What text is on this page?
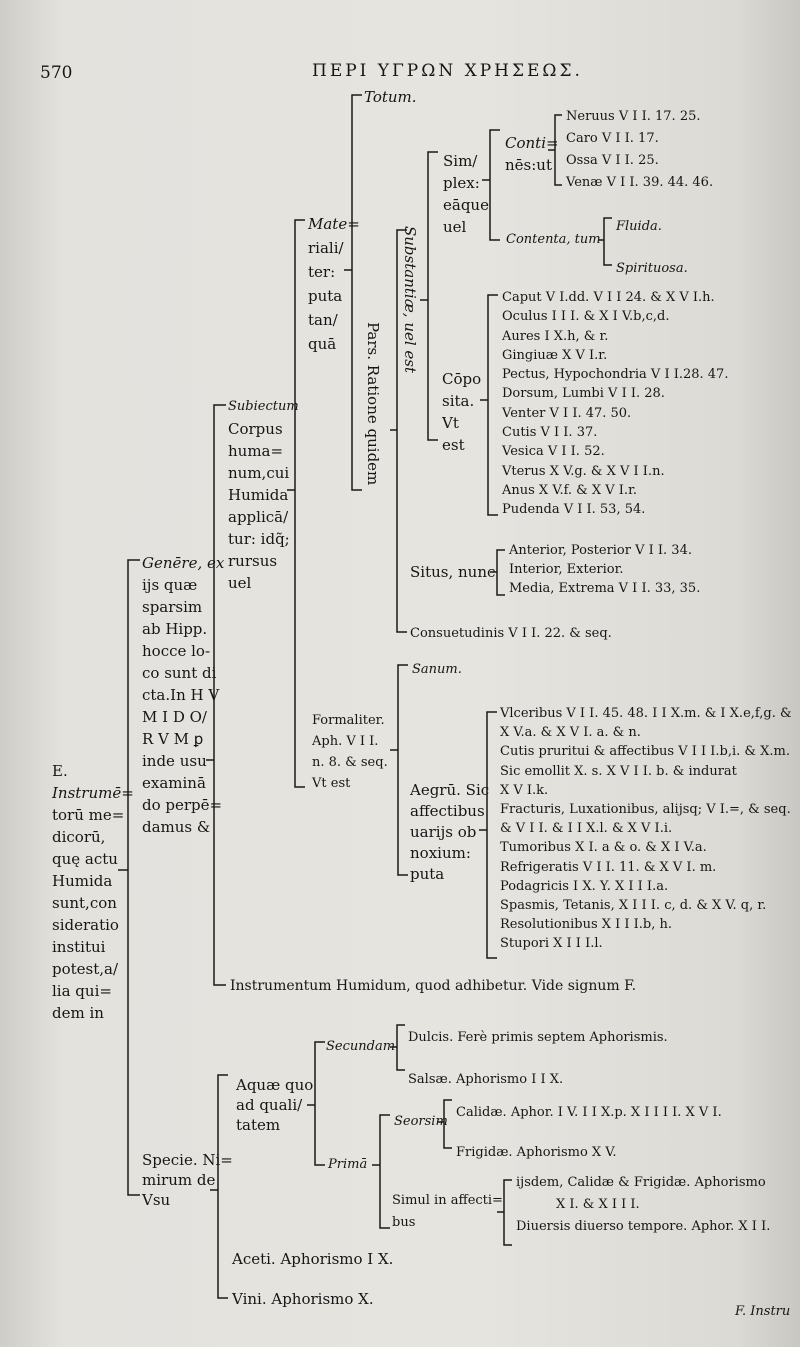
570	ΠΕΡΙ ΥΓΡΩΝ ΧΡΗΣΕΩΣ.
E.
Instrumē=
torū me=
dicorū,
quę actu
Humida
sunt,con
sideratio
institui
potest,a/
lia qui=
dem in
Genēre, ex
ijs quæ
sparsim
ab Hipp.
hocce lo-
co sunt di
cta.In H V
M I D O/
R V M ꝑ
inde usu
examinā
do perpē=
damus &
Subiectum
Corpus
huma=
num,cui
Humida
applicā/
tur: idq̃;
rursus
uel
Mate=
riali/
ter:
puta
tan/
quā
Totum.
Pars. Ratione quidem
Substantiæ, uel est
Sim/
plex:
eāque
uel
Conti=
nēs:ut
Neruus V I I. 17. 25.
Caro V I I. 17.
Ossa V I I. 25.
Venæ V I I. 39. 44. 46.
Contenta, tum
Fluida.
Spirituosa.
Cōpo
sita.
Vt
est
Caput V I.dd. V I I 24. & X V I.h.
Oculus I I I. & X I V.b,c,d.
Aures I X.h, & r.
Gingiuæ X V I.r.
Pectus, Hypochondria V I I.28. 47.
Dorsum, Lumbi V I I. 28.
Venter V I I. 47. 50.
Cutis V I I. 37.
Vesica V I I. 52.
Vterus X V.g. & X V I I.n.
Anus X V.f. & X V I.r.
Pudenda V I I. 53, 54.
Situs, nunc
Anterior, Posterior V I I. 34.
Interior, Exterior.
Media, Extrema V I I. 33, 35.
Consuetudinis V I I. 22. & seq.
Formaliter.
Aph. V I I.
n. 8. & seq.
Vt est
Sanum.
Aegrū. Sic
affectibus
uarijs ob
noxium:
puta
Vlceribus V I I. 45. 48. I I X.m. & I X.e,f,g. &
X V.a. & X V I. a. & n.
Cutis pruritui & affectibus V I I I.b,i. & X.m.
Sic emollit X. s. X V I I. b. & indurat
X V I.k.
Fracturis, Luxationibus, alijsq; V I.=, & seq.
& V I I. & I I X.l. & X V I.i.
Tumoribus X I. a & o. & X I V.a.
Refrigeratis V I I. 11. & X V I. m.
Podagricis I X. Y. X I I I.a.
Spasmis, Tetanis, X I I I. c, d. & X V. q, r.
Resolutionibus X I I I.b, h.
Stupori X I I I.l.
Instrumentum Humidum, quod adhibetur. Vide signum F.
Specie. Ni=
mirum de
Vsu
Aquæ quo
ad quali/
tatem
Secundam
Dulcis. Ferè primis septem Aphorismis.
Salsæ. Aphorismo I I X.
Primā
Seorsim
Calidæ. Aphor. I V. I I X.p. X I I I I. X V I.
Frigidæ. Aphorismo X V.
Simul in affecti=
bus
ijsdem, Calidæ & Frigidæ. Aphorismo
X I. & X I I I.
Diuersis diuerso tempore. Aphor. X I I.
Aceti. Aphorismo I X.
Vini. Aphorismo X.
F. Instru
